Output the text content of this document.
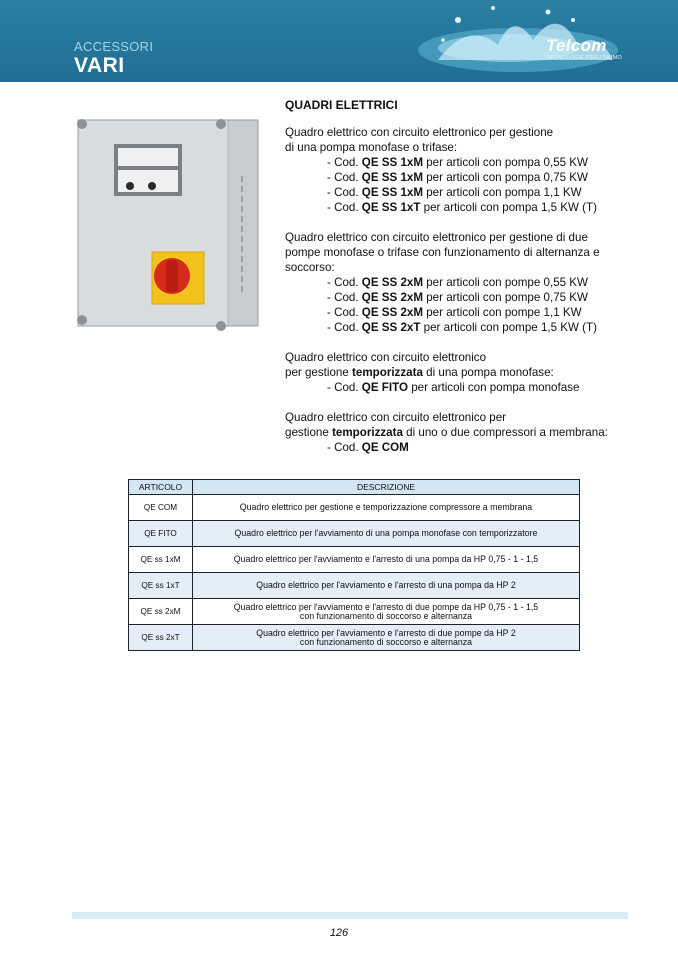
ACCESSORI
VARI
Telcom
TECNOLOGIE PER L'UOMO
QUADRI ELETTRICI
Quadro elettrico con circuito elettronico per gestione
di una pompa monofase o trifase:
- Cod. QE SS 1xM per articoli con pompa 0,55 KW
- Cod. QE SS 1xM per articoli con pompa 0,75 KW
- Cod. QE SS 1xM per articoli con pompa 1,1 KW
- Cod. QE SS 1xT per articoli con pompa 1,5 KW (T)
Quadro elettrico con circuito elettronico per gestione di due
pompe monofase o trifase con funzionamento di alternanza e
soccorso:
- Cod. QE SS 2xM per articoli con pompe 0,55 KW
- Cod. QE SS 2xM per articoli con pompe 0,75 KW
- Cod. QE SS 2xM per articoli con pompe 1,1 KW
- Cod. QE SS 2xT per articoli con pompe 1,5 KW (T)
Quadro elettrico con circuito elettronico
per gestione temporizzata di una pompa monofase:
- Cod. QE FITO per articoli con pompa monofase
Quadro elettrico con circuito elettronico per
gestione temporizzata di uno o due compressori a membrana:
- Cod. QE COM
ARTICOLO	DESCRIZIONE
QE COM	Quadro elettrico per gestione e temporizzazione compressore a membrana

QE FITO	Quadro elettrico per l'avviamento di una pompa monofase con temporizzatore

QE ss 1xM	Quadro elettrico per l'avviamento e l'arresto di una pompa da HP 0,75 - 1 - 1,5

QE ss 1xT	Quadro elettrico per l'avviamento e l'arresto di una pompa da HP 2

QE ss 2xM	Quadro elettrico per l'avviamento e l'arresto di due pompe da HP 0,75 - 1 - 1,5
con funzionamento di soccorso e alternanza

QE ss 2xT	Quadro elettrico per l'avviamento e l'arresto di due pompe da HP 2
con funzionamento di soccorso e alternanza
126
